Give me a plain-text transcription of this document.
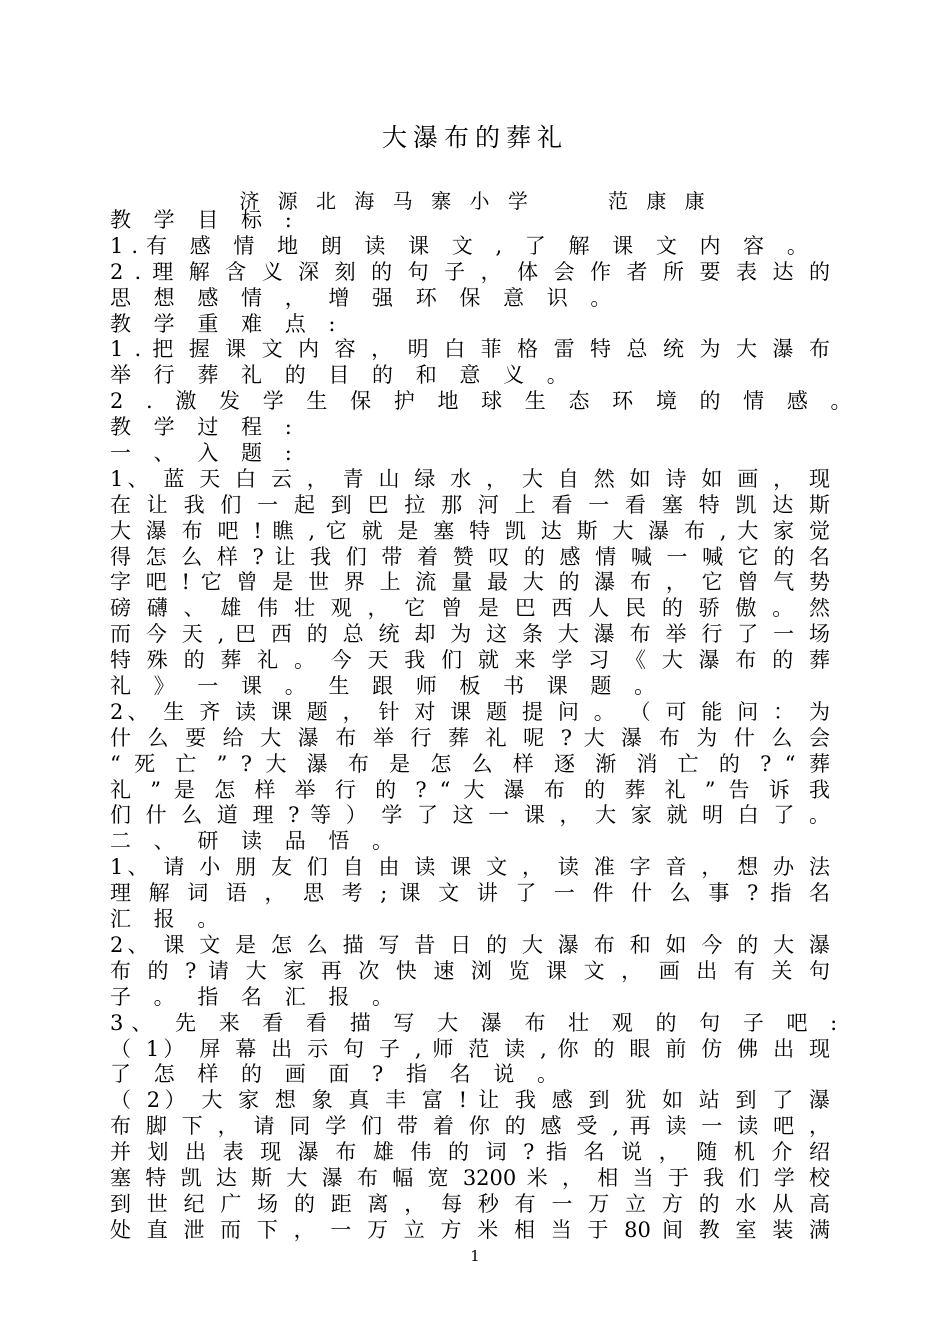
大瀑布的葬礼
济 源 北 海 马 寨 小 学      范 康 康
教 学 目 标 :
1.有 感 情 地 朗 读 课 文 , 了 解 课 文 内 容 。
2 . 理 解 含 义 深 刻 的 句 子 ， 体 会 作 者 所 要 表 达 的
思 想 感 情 ， 增 强 环 保 意 识 。
教 学 重 难 点 :
1 . 把 握 课 文 内 容 ， 明 白 菲 格 雷 特 总 统 为 大 瀑 布
举 行 葬 礼 的 目 的 和 意 义 。
2 . 激 发 学 生 保 护 地 球 生 态 环 境 的 情 感 。
教 学 过 程 :
一 、 入 题 :
1、 蓝 天 白 云 ， 青 山 绿 水 ， 大 自 然 如 诗 如 画 ， 现
在 让 我 们 一 起 到 巴 拉 那 河 上 看 一 看 塞 特 凯 达 斯
大 瀑 布 吧 ! 瞧 , 它 就 是 塞 特 凯 达 斯 大 瀑 布 , 大 家 觉
得 怎 么 样 ? 让 我 们 带 着 赞 叹 的 感 情 喊 一 喊 它 的 名
字 吧 ! 它 曾 是 世 界 上 流 量 最 大 的 瀑 布 ， 它 曾 气 势
磅 礴 、 雄 伟 壮 观 ， 它 曾 是 巴 西 人 民 的 骄 傲 。 然
而 今 天 , 巴 西 的 总 统 却 为 这 条 大 瀑 布 举 行 了 一 场
特 殊 的 葬 礼 。 今 天 我 们 就 来 学 习 《 大 瀑 布 的 葬
礼 》 一 课 。 生 跟 师 板 书 课 题 。
2、 生 齐 读 课 题 ， 针 对 课 题 提 问 。 （ 可 能 问 ： 为
什 么 要 给 大 瀑 布 举 行 葬 礼 呢 ? 大 瀑 布 为 什 么 会
“ 死 亡 ” ? 大 瀑 布 是 怎 么 样 逐 渐 消 亡 的 ? “ 葬
礼 ” 是 怎 样 举 行 的 ? “ 大 瀑 布 的 葬 礼 ” 告 诉 我
们 什 么 道 理 ? 等 ） 学 了 这 一 课 ， 大 家 就 明 白 了 。
二 、 研 读 品 悟 。
1、 请 小 朋 友 们 自 由 读 课 文 ， 读 准 字 音 ， 想 办 法
理 解 词 语 ， 思 考 ; 课 文 讲 了 一 件 什 么 事 ? 指 名
汇 报 。
2、 课 文 是 怎 么 描 写 昔 日 的 大 瀑 布 和 如 今 的 大 瀑
布 的 ? 请 大 家 再 次 快 速 浏 览 课 文 ， 画 出 有 关 句
子 。 指 名 汇 报 。
3、 先 来 看 看 描 写 大 瀑 布 壮 观 的 句 子 吧 :
（ 1） 屏 幕 出 示 句 子 , 师 范 读 , 你 的 眼 前 仿 佛 出 现
了 怎 样 的 画 面 ? 指 名 说 。
（ 2） 大 家 想 象 真 丰 富 ! 让 我 感 到 犹 如 站 到 了 瀑
布 脚 下 ， 请 同 学 们 带 着 你 的 感 受 , 再 读 一 读 吧 ，
并 划 出 表 现 瀑 布 雄 伟 的 词 ? 指 名 说 ， 随 机 介 绍
塞 特 凯 达 斯 大 瀑 布 幅 宽 3200 米 ， 相 当 于 我 们 学 校
到 世 纪 广 场 的 距 离 ， 每 秒 有 一 万 立 方 的 水 从 高
处 直 泄 而 下 ， 一 万 立 方 米 相 当 于 80 间 教 室 装 满
1
